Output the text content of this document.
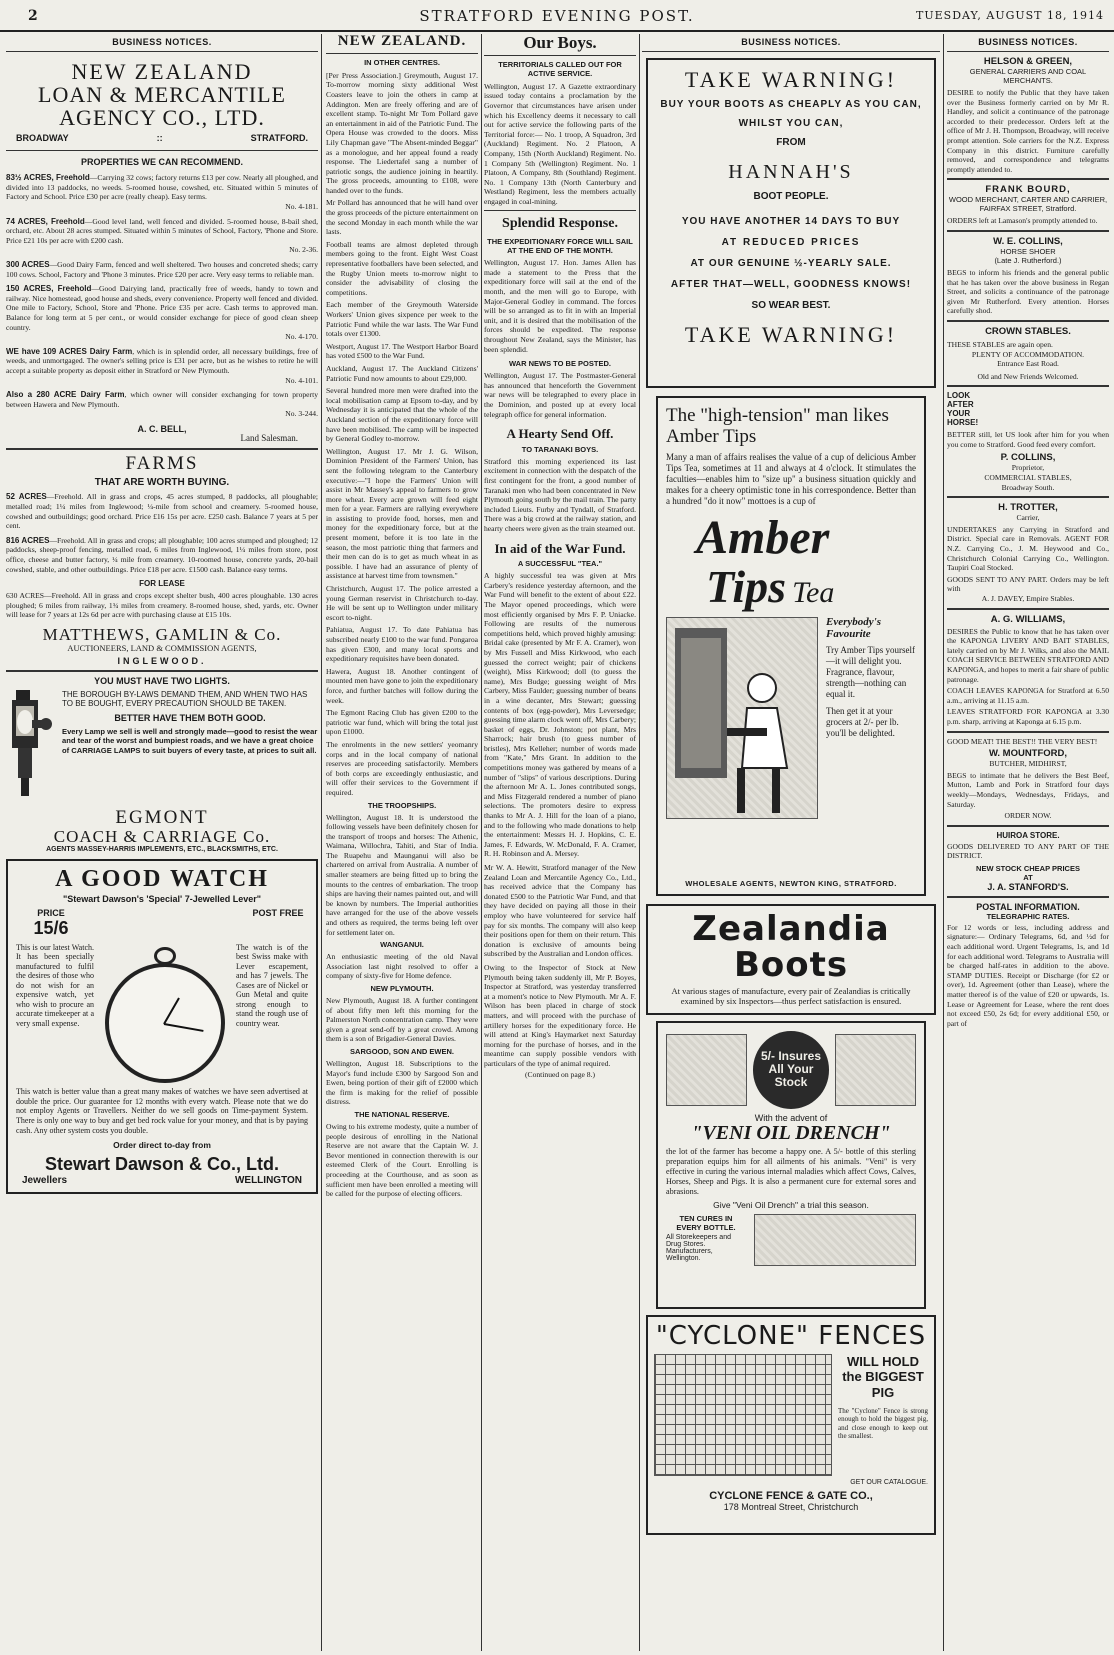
2	STRATFORD EVENING POST.	TUESDAY, AUGUST 18, 1914
BUSINESS NOTICES.
NEW ZEALAND
LOAN & MERCANTILE
AGENCY CO., LTD.
BROADWAY	::	STRATFORD.
PROPERTIES WE CAN RECOMMEND.
83½ ACRES, Freehold—Carrying 32 cows; factory returns £13 per cow. Nearly all ploughed, and divided into 13 paddocks, no weeds. 5-roomed house, cowshed, etc. Situated within 5 minutes of Factory and School. Price £30 per acre (really cheap). Easy terms.
No. 4-181.
74 ACRES, Freehold—Good level land, well fenced and divided. 5-roomed house, 8-bail shed, orchard, etc. About 28 acres stumped. Situated within 5 minutes of School, Factory, 'Phone and Store. Price £21 10s per acre with £200 cash.
No. 2-36.
300 ACRES—Good Dairy Farm, fenced and well sheltered. Two houses and concreted sheds; carry 100 cows. School, Factory and 'Phone 3 minutes. Price £20 per acre. Very easy terms to reliable man.
150 ACRES, Freehold—Good Dairying land, practically free of weeds, handy to town and railway. Nice homestead, good house and sheds, every convenience. Property well fenced and divided. One mile to Factory, School, Store and 'Phone. Price £35 per acre. Cash terms to approved man. Balance for long term at 5 per cent., or would consider exchange for piece of good clean sheep country.
No. 4-170.
WE have 109 ACRES Dairy Farm, which is in splendid order, all necessary buildings, free of weeds, and unmortgaged. The owner's selling price is £31 per acre, but as he wishes to retire he will accept a suitable property as deposit either in Stratford or New Plymouth.
No. 4-101.
Also a 280 ACRE Dairy Farm, which owner will consider exchanging for town property between Hawera and New Plymouth.
No. 3-244.
A. C. BELL,
Land Salesman.
FARMS
THAT ARE WORTH BUYING.
52 ACRES—Freehold. All in grass and crops, 45 acres stumped, 8 paddocks, all ploughable; metalled road; 1¼ miles from Inglewood; ¼-mile from school and creamery. 5-roomed house, cowshed and outbuildings; good orchard. Price £16 15s per acre. £250 cash. Balance 7 years at 5 per cent.
816 ACRES—Freehold. All in grass and crops; all ploughable; 100 acres stumped and ploughed; 12 paddocks, sheep-proof fencing, metalled road, 6 miles from Inglewood, 1¼ miles from store, post office, cheese and butter factory, ¼ mile from creamery. 10-roomed house, concrete yards, 20-bail cowshed, stable, and other outbuildings. Price £18 per acre. £1500 cash. Balance easy terms.
FOR LEASE
630 ACRES—Freehold. All in grass and crops except shelter bush, 400 acres ploughable. 130 acres ploughed; 6 miles from railway, 1¾ miles from creamery. 8-roomed house, shed, yards, etc. Owner will lease for 7 years at 12s 6d per acre with purchasing clause at £15 10s.
MATTHEWS, GAMLIN & Co.
AUCTIONEERS, LAND & COMMISSION AGENTS,
INGLEWOOD.
YOU MUST HAVE TWO LIGHTS.
THE BOROUGH BY-LAWS DEMAND THEM, AND WHEN TWO HAS TO BE BOUGHT, EVERY PRECAUTION SHOULD BE TAKEN.
BETTER HAVE THEM BOTH GOOD.
Every Lamp we sell is well and strongly made—good to resist the wear and tear of the worst and bumpiest roads, and we have a great choice of CARRIAGE LAMPS to suit buyers of every taste, at prices to suit all.
EGMONT
COACH & CARRIAGE Co.
AGENTS MASSEY-HARRIS IMPLEMENTS, ETC., BLACKSMITHS, ETC.
A GOOD WATCH
"Stewart Dawson's 'Special' 7-Jewelled Lever"
PRICE
15/6
POST FREE
This is our latest Watch. It has been specially manufactured to fulfil the desires of those who do not wish for an expensive watch, yet who wish to procure an accurate timekeeper at a very small expense.
The watch is of the best Swiss make with Lever escapement, and has 7 jewels. The Cases are of Nickel or Gun Metal and quite strong enough to stand the rough use of country wear.
This watch is better value than a great many makes of watches we have seen advertised at double the price. Our guarantee for 12 months with every watch. Please note that we do not employ Agents or Travellers. Neither do we sell goods on Time-payment System. There is only one way to buy and get bed rock value for your money, and that is by paying cash. Any other system costs you double.
Order direct to-day from
Stewart Dawson & Co., Ltd.
Jewellers	WELLINGTON
NEW ZEALAND.
IN OTHER CENTRES.
[Per Press Association.] Greymouth, August 17. To-morrow morning sixty additional West Coasters leave to join the others in camp at Addington. Men are freely offering and are of excellent stamp. To-night Mr Tom Pollard gave an entertainment in aid of the Patriotic Fund. The Opera House was crowded to the doors. Miss Lily Chapman gave "The Absent-minded Beggar" as a monologue, and her appeal found a ready response. The Liedertafel sang a number of patriotic songs, the audience joining in heartily. The gross proceeds, amounting to £108, were handed over to the funds.
Mr Pollard has announced that he will hand over the gross proceeds of the picture entertainment on the second Monday in each month while the war lasts.
Football teams are almost depleted through members going to the front. Eight West Coast representative footballers have been selected, and the Rugby Union meets to-morrow night to consider the advisability of closing the competitions.
Each member of the Greymouth Waterside Workers' Union gives sixpence per week to the Patriotic Fund while the war lasts. The War Fund totals over £1300.
Westport, August 17. The Westport Harbor Board has voted £500 to the War Fund.
Auckland, August 17. The Auckland Citizens' Patriotic Fund now amounts to about £29,000.
Several hundred more men were drafted into the local mobilisation camp at Epsom to-day, and by Wednesday it is anticipated that the whole of the Auckland section of the expeditionary force will have been mobilised. The camp will be inspected by General Godley to-morrow.
Wellington, August 17. Mr J. G. Wilson, Dominion President of the Farmers' Union, has sent the following telegram to the Canterbury executive:—"I hope the Farmers' Union will assist in Mr Massey's appeal to farmers to grow more wheat. Every acre grown will feed eight men for a year. Farmers are rallying everywhere in assisting to provide food, horses, men and money for the expeditionary force, but at the present moment, before it is too late in the season, the most patriotic thing that farmers and their men can do is to get as much wheat in as possible. I have had an assurance of plenty of assistance at harvest time from townsmen."
Christchurch, August 17. The police arrested a young German reservist in Christchurch to-day. He will be sent up to Wellington under military escort to-night.
Pahiatua, August 17. To date Pahiatua has subscribed nearly £100 to the war fund. Pongaroa has given £300, and many local sports and expeditionary requisites have been donated.
Hawera, August 18. Another contingent of mounted men have gone to join the expeditionary force, and further batches will follow during the week.
The Egmont Racing Club has given £200 to the patriotic war fund, which will bring the total just upon £1000.
The enrolments in the new settlers' yeomanry corps and in the local company of national reserves are proceeding satisfactorily. Members of both corps are exceedingly enthusiastic, and will offer their services to the Government if required.
THE TROOPSHIPS.
Wellington, August 18. It is understood the following vessels have been definitely chosen for the transport of troops and horses: The Athenic, Waimana, Willochra, Tahiti, and Star of India. The Ruapehu and Maunganui will also be chartered on arrival from Australia. A number of smaller steamers are being fitted up to bring the mounts to the centres of embarkation. The troop ships are having their names painted out, and will be known by numbers. The Imperial authorities have arranged for the use of the above vessels and others as required, the terms being left over for settlement later on.
WANGANUI.
An enthusiastic meeting of the old Naval Association last night resolved to offer a company of sixty-five for Home defence.
NEW PLYMOUTH.
New Plymouth, August 18. A further contingent of about fifty men left this morning for the Palmerston North concentration camp. They were given a great send-off by a great crowd. Among them is a son of Brigadier-General Davies.
SARGOOD, SON AND EWEN.
Wellington, August 18. Subscriptions to the Mayor's fund include £300 by Sargood Son and Ewen, being portion of their gift of £2000 which the firm is making for the relief of possible distress.
THE NATIONAL RESERVE.
Owing to his extreme modesty, quite a number of people desirous of enrolling in the National Reserve are not aware that the Captain W. J. Bevor mentioned in connection therewith is our esteemed Clerk of the Court. Enrolling is proceeding at the Courthouse, and as soon as sufficient men have been enrolled a meeting will be called for the purpose of electing officers.
Our Boys.
TERRITORIALS CALLED OUT FOR ACTIVE SERVICE.
Wellington, August 17. A Gazette extraordinary issued today contains a proclamation by the Governor that circumstances have arisen under which his Excellency deems it necessary to call out for active service the following parts of the Territorial force:— No. 1 troop, A Squadron, 3rd (Auckland) Regiment. No. 2 Platoon, A Company, 15th (North Auckland) Regiment. No. 1 Company 5th (Wellington) Regiment. No. 1 Platoon, A Company, 8th (Southland) Regiment. No. 1 Company 13th (North Canterbury and Westland) Regiment, less the members actually engaged in coal-mining.
Splendid Response.
THE EXPEDITIONARY FORCE WILL SAIL AT THE END OF THE MONTH.
Wellington, August 17. Hon. James Allen has made a statement to the Press that the expeditionary force will sail at the end of the month, and the men will go to Europe, with Major-General Godley in command. The forces will be so arranged as to fit in with an Imperial unit, and it is desired that the mobilisation of the forces should be expedited. The response throughout New Zealand, says the Minister, has been splendid.
WAR NEWS TO BE POSTED.
Wellington, August 17. The Postmaster-General has announced that henceforth the Government war news will be telegraphed to every place in the Dominion, and posted up at every local telegraph office for general information.
A Hearty Send Off.
TO TARANAKI BOYS.
Stratford this morning experienced its last excitement in connection with the despatch of the first contingent for the front, a good number of Taranaki men who had been concentrated in New Plymouth going south by the mail train. The party included Lieuts. Furby and Tyndall, of Stratford. There was a big crowd at the railway station, and hearty cheers were given as the train steamed out.
In aid of the War Fund.
A SUCCESSFUL "TEA."
A highly successful tea was given at Mrs Carbery's residence yesterday afternoon, and the War Fund will benefit to the extent of about £22. The Mayor opened proceedings, which were most efficiently organised by Mrs F. P. Uniacke. Following are results of the numerous competitions held, which proved highly amusing: Bridal cake (presented by Mr F. A. Cramer), won by Mrs Fussell and Miss Kirkwood, who each guessed the correct weight; pair of chickens (weight), Miss Kirkwood; doll (to guess the name), Mrs Budge; guessing weight of Mrs Carbery, Miss Faulder; guessing number of beans in a wine decanter, Mrs Stewart; guessing contents of box (egg-powder), Mrs Leversedge; guessing time alarm clock went off, Mrs Carbery; basket of eggs, Dr. Johnston; pot plant, Mrs Sharrock; hair brush (to guess number of bristles), Mrs Kelleher; number of words made from "Kate," Mrs Grant. In addition to the competitions money was gathered by means of a number of "slips" of various descriptions. During the afternoon Mr A. L. Jones contributed songs, and Miss Fitzgerald rendered a number of piano selections. The promoters desire to express thanks to Mr A. J. Hill for the loan of a piano, and to the following who made donations to help the entertainment: Messrs H. J. Hopkins, C. E. James, F. Edwards, W. McDonald, F. A. Cramer, R. H. Robinson and A. Mersey.
Mr W. A. Hewitt, Stratford manager of the New Zealand Loan and Mercantile Agency Co., Ltd., has received advice that the Company has donated £500 to the Patriotic War Fund, and that they have decided on paying all those in their employ who have volunteered for service half pay for six months. The company will also keep their positions open for them on their return. This donation is exclusive of amounts being subscribed by the Australian and London offices.
Owing to the Inspector of Stock at New Plymouth being taken suddenly ill, Mr P. Boyes, Inspector at Stratford, was yesterday transferred at a moment's notice to New Plymouth. Mr A. F. Wilson has been placed in charge of stock matters, and will proceed with the purchase of artillery horses for the expeditionary force. He will attend at King's Haymarket next Saturday morning for the purchase of horses, and in the meantime can supply possible vendors with particulars of the type of animal required.
(Continued on page 8.)
BUSINESS NOTICES.
TAKE WARNING!
BUY YOUR BOOTS AS CHEAPLY AS YOU CAN,
WHILST YOU CAN,
FROM
HANNAH'S
BOOT PEOPLE.
YOU HAVE ANOTHER 14 DAYS TO BUY
AT REDUCED PRICES
AT OUR GENUINE ½-YEARLY SALE.
AFTER THAT—WELL, GOODNESS KNOWS!
SO WEAR BEST.
TAKE WARNING!
The "high-tension" man likes Amber Tips
Many a man of affairs realises the value of a cup of delicious Amber Tips Tea, sometimes at 11 and always at 4 o'clock. It stimulates the faculties—enables him to "size up" a business situation quickly and makes for a cheery optimistic tone in his correspondence. Better than a hundred "do it now" mottoes is a cup of
Amber
Tips Tea
Everybody's Favourite
Try Amber Tips yourself—it will delight you. Fragrance, flavour, strength—nothing can equal it.
Then get it at your grocers at 2/- per lb. you'll be delighted.
WHOLESALE AGENTS, NEWTON KING, STRATFORD.
Zealandia Boots
At various stages of manufacture, every pair of Zealandias is critically examined by six Inspectors—thus perfect satisfaction is ensured.
5/- Insures All Your Stock
With the advent of
"VENI OIL DRENCH"
the lot of the farmer has become a happy one. A 5/- bottle of this sterling preparation equips him for all ailments of his animals. "Veni" is very effective in curing the various internal maladies which affect Cows, Calves, Horses, Sheep and Pigs. It is also a permanent cure for external sores and abrasions.
Give "Veni Oil Drench" a trial this season.
TEN CURES IN EVERY BOTTLE.
All Storekeepers and Drug Stores. Manufacturers, Wellington.
"CYCLONE" FENCES
WILL HOLD the BIGGEST PIG
The "Cyclone" Fence is strong enough to hold the biggest pig, and close enough to keep out the smallest.
GET OUR CATALOGUE.
CYCLONE FENCE & GATE CO.,
178 Montreal Street, Christchurch
BUSINESS NOTICES.
HELSON & GREEN,
GENERAL CARRIERS AND COAL MERCHANTS.
DESIRE to notify the Public that they have taken over the Business formerly carried on by Mr R. Handley, and solicit a continuance of the patronage accorded to their predecessor. Orders left at the office of Mr J. H. Thompson, Broadway, will receive prompt attention. Sole carriers for the N.Z. Express Company in this district. Furniture carefully removed, and correspondence and telegrams promptly attended to.
FRANK BOURD,
WOOD MERCHANT, CARTER AND CARRIER,
FAIRFAX STREET, Stratford.
ORDERS left at Lamason's promptly attended to.
W. E. COLLINS,
HORSE SHOER
(Late J. Rutherford.)
BEGS to inform his friends and the general public that he has taken over the above business in Regan Street, and solicits a continuance of the patronage given Mr Rutherford. Every attention. Horses carefully shod.
CROWN STABLES.
THESE STABLES are again open.
PLENTY OF ACCOMMODATION.
Entrance East Road.
Old and New Friends Welcomed.
LOOK AFTER YOUR HORSE!
BETTER still, let US look after him for you when you come to Stratford. Good feed every comfort.
P. COLLINS,
Proprietor,
COMMERCIAL STABLES,
Broadway South.
H. TROTTER,
Carrier,
UNDERTAKES any Carrying in Stratford and District. Special care in Removals. AGENT FOR N.Z. Carrying Co., J. M. Heywood and Co., Christchurch Colonial Carrying Co., Wellington. Taupiri Coal Stocked.
GOODS SENT TO ANY PART. Orders may be left with
A. J. DAVEY, Empire Stables.
A. G. WILLIAMS,
DESIRES the Public to know that he has taken over the KAPONGA LIVERY AND BAIT STABLES, lately carried on by Mr J. Wilks, and also the MAIL COACH SERVICE BETWEEN STRATFORD AND KAPONGA, and hopes to merit a fair share of public patronage.
COACH LEAVES KAPONGA for Stratford at 6.50 a.m., arriving at 11.15 a.m.
LEAVES STRATFORD FOR KAPONGA at 3.30 p.m. sharp, arriving at Kaponga at 6.15 p.m.
GOOD MEAT! THE BEST!! THE VERY BEST!
W. MOUNTFORD,
BUTCHER, MIDHIRST,
BEGS to intimate that he delivers the Best Beef, Mutton, Lamb and Pork in Stratford four days weekly—Mondays, Wednesdays, Fridays, and Saturday.
ORDER NOW.
HUIROA STORE.
GOODS DELIVERED TO ANY PART OF THE DISTRICT.
NEW STOCK CHEAP PRICES
AT
J. A. STANFORD'S.
POSTAL INFORMATION.
TELEGRAPHIC RATES.
For 12 words or less, including address and signature:— Ordinary Telegrams, 6d, and ½d for each additional word. Urgent Telegrams, 1s, and 1d for each additional word. Telegrams to Australia will be charged half-rates in addition to the above. STAMP DUTIES. Receipt or Discharge (for £2 or over), 1d. Agreement (other than Lease), where the matter thereof is of the value of £20 or upwards, 1s. Lease or Agreement for Lease, where the rent does not exceed £50, 2s 6d; for every additional £50, or part of
